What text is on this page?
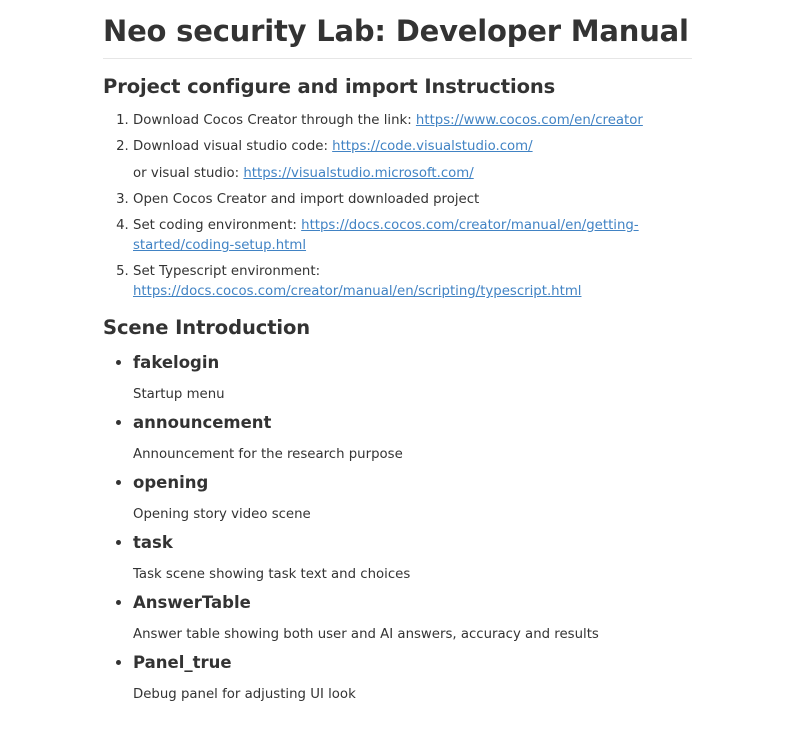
Neo security Lab: Developer Manual
Project configure and import Instructions

1. Download Cocos Creator through the link: https://www.cocos.com/en/creator

2. Download visual studio code: https://code.visualstudio.com/

or visual studio: https://visualstudio.microsoft.com/

3. Open Cocos Creator and import downloaded project

4. Set coding environment: https://docs.cocos.com/creator/manual/en/getting-started/coding-setup.html

5. Set Typescript environment: https://docs.cocos.com/creator/manual/en/scripting/typescript.html

Scene Introduction
• fakelogin
Startup menu
• announcement
Announcement for the research purpose
• opening
Opening story video scene
• task
Task scene showing task text and choices
• AnswerTable
Answer table showing both user and AI answers, accuracy and results
• Panel_true
Debug panel for adjusting UI look
